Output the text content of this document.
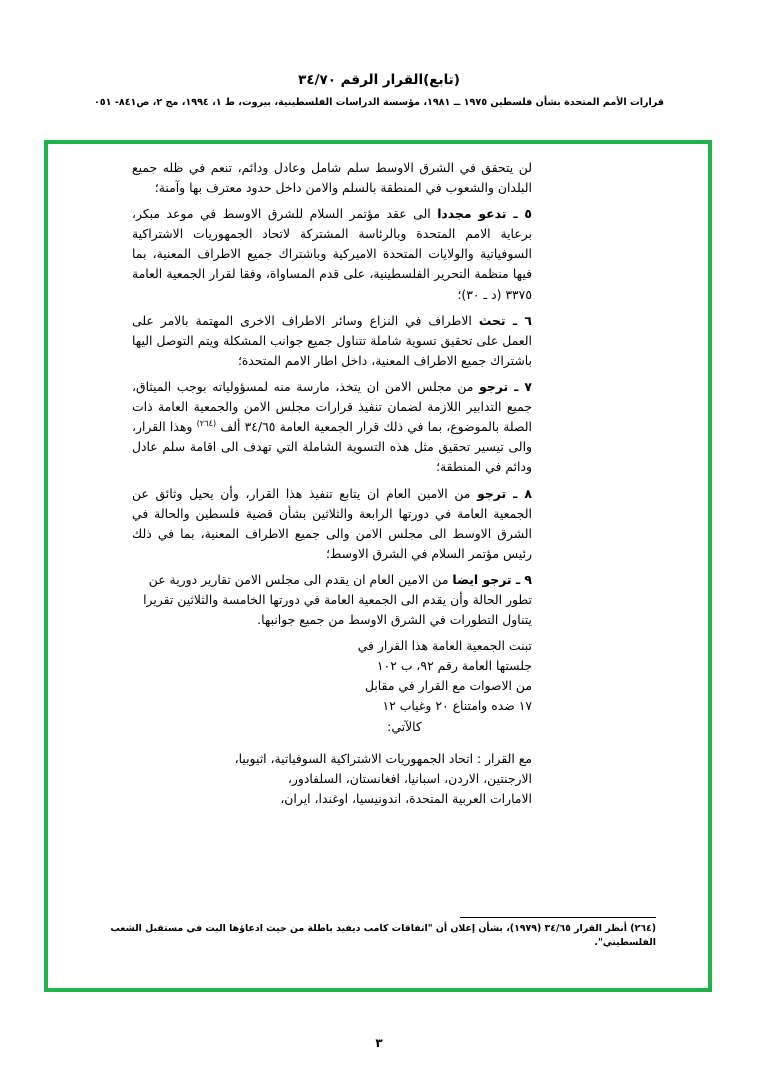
(تابع)القرار الرقم ٣٤/٧٠
قرارات الأمم المتحدة بشأن فلسطين ١٩٧٥ ــ ١٩٨١، مؤسسة الدراسات الفلسطينية، بيروت، ط ١، ١٩٩٤، مج ٢، ص٨٤١- ٠٥١

لن يتحقق في الشرق الاوسط سلم شامل وعادل ودائم، تنعم في ظله جميع البلدان والشعوب في المنطقة بالسلم والامن داخل حدود معترف بها وآمنة؛

٥ ـ تدعو مجددا الى عقد مؤتمر السلام للشرق الاوسط في موعد مبكر، برعاية الامم المتحدة وبالرئاسة المشتركة لاتحاد الجمهوريات الاشتراكية السوفياتية والولايات المتحدة الاميركية وباشتراك جميع الاطراف المعنية، بما فيها منظمة التحرير الفلسطينية، على قدم المساواة، وفقا لقرار الجمعية العامة ٣٣٧٥ (د ـ ٣٠)؛

٦ ـ تحث الاطراف في النزاع وسائر الاطراف الاخرى المهتمة بالامر على العمل على تحقيق تسوية شاملة تتناول جميع جوانب المشكلة ويتم التوصل اليها باشتراك جميع الاطراف المعنية، داخل اطار الامم المتحدة؛

٧ ـ ترجو من مجلس الامن ان يتخذ، مارسة منه لمسؤولياته بوجب الميثاق، جميع التدابير اللازمة لضمان تنفيذ قرارات مجلس الامن والجمعية العامة ذات الصلة بالموضوع، بما في ذلك قرار الجمعية العامة ٣٤/٦٥ ألف $^{(٢٦٤)}$ وهذا القرار، والى تيسير تحقيق مثل هذه التسوية الشاملة التي تهدف الى اقامة سلم عادل ودائم في المنطقة؛

٨ ـ ترجو من الامين العام ان يتابع تنفيذ هذا القرار، وأن يحيل وثائق عن الجمعية العامة في دورتها الرابعة والثلاثين بشأن قضية فلسطين والحالة في الشرق الاوسط الى مجلس الامن والى جميع الاطراف المعنية، بما في ذلك رئيس مؤتمر السلام في الشرق الاوسط؛

٩ ـ ترجو ايضا من الامين العام ان يقدم الى مجلس الامن تقارير دورية عن تطور الحالة وأن يقدم الى الجمعية العامة في دورتها الخامسة والثلاثين تقريرا يتناول التطورات في الشرق الاوسط من جميع جوانبها.

تبنت الجمعية العامة هذا القرار في
جلستها العامة رقم ٩٢، ب ١٠٢
من الاصوات مع القرار في مقابل
١٧ ضده وامتناع ٢٠ وغياب ١٢
كالآتي:
مع القرار : اتحاد الجمهوريات الاشتراكية السوفياتية، اثيوبيا،
الارجنتين، الاردن، اسبانيا، افغانستان، السلفادور،
الامارات العربية المتحدة، اندونيسيا، اوغندا، ايران،
(٢٦٤) أنظر القرار ٣٤/٦٥ (١٩٧٩)، بشأن إعلان أن "اتفاقات كامب ديفيد باطلة من حيث ادعاؤها البت في مستقبل الشعب الفلسطيني".
٣
